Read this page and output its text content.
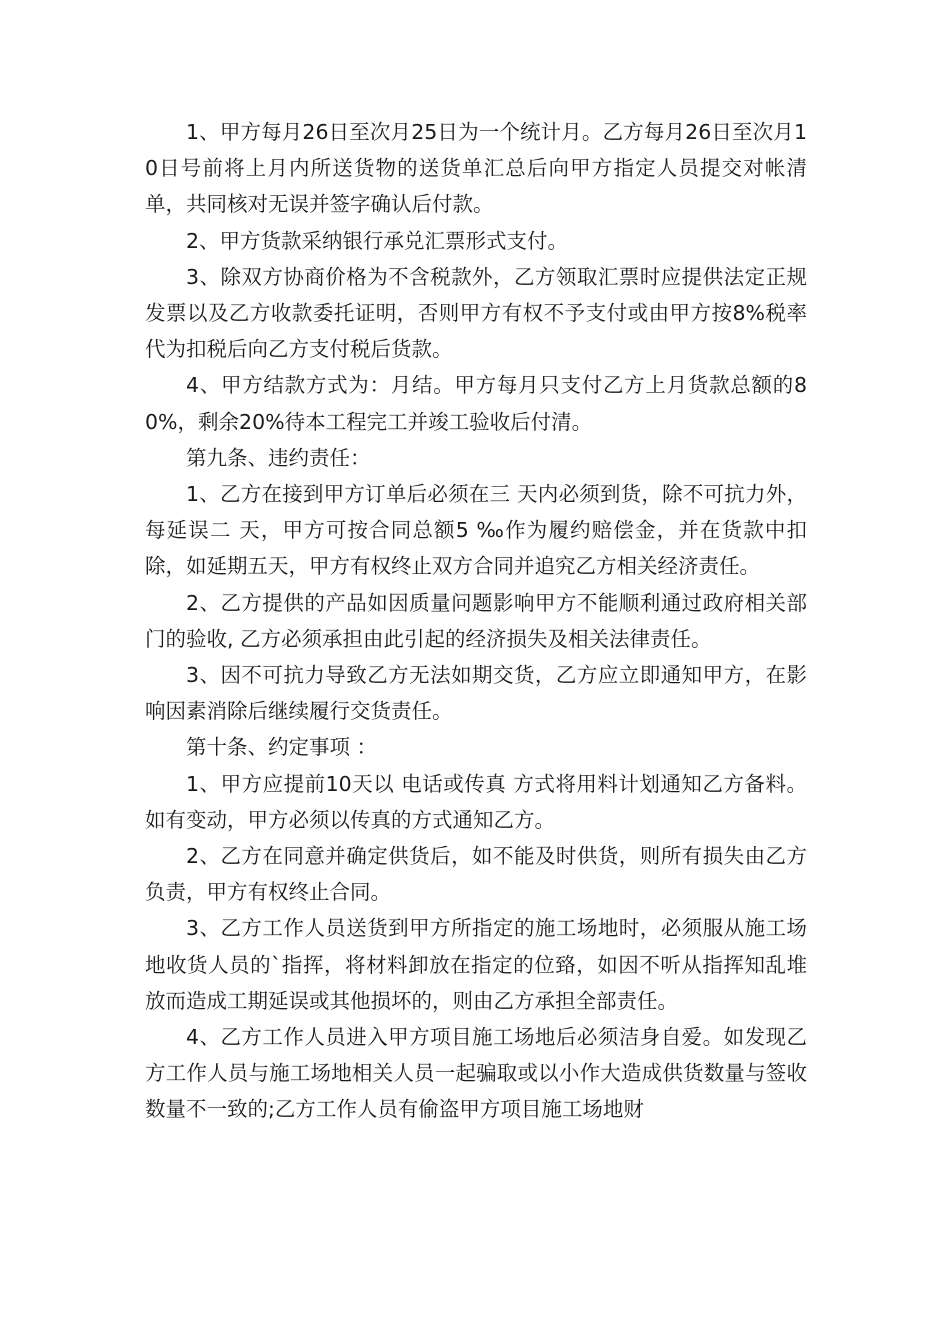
1、甲方每月26日至次月25日为一个统计月。乙方每月26日至次月10日号前将上月内所送货物的送货单汇总后向甲方指定人员提交对帐清单，共同核对无误并签字确认后付款。

2、甲方货款采纳银行承兑汇票形式支付。

3、除双方协商价格为不含税款外，乙方领取汇票时应提供法定正规发票以及乙方收款委托证明，否则甲方有权不予支付或由甲方按8%税率代为扣税后向乙方支付税后货款。

4、甲方结款方式为：月结。甲方每月只支付乙方上月货款总额的80%，剩余20%待本工程完工并竣工验收后付清。

第九条、违约责任：

1、乙方在接到甲方订单后必须在三 天内必须到货，除不可抗力外，每延误二 天，甲方可按合同总额5 ‰作为履约赔偿金，并在货款中扣除，如延期五天，甲方有权终止双方合同并追究乙方相关经济责任。

2、乙方提供的产品如因质量问题影响甲方不能顺利通过政府相关部门的验收, 乙方必须承担由此引起的经济损失及相关法律责任。

3、因不可抗力导致乙方无法如期交货，乙方应立即通知甲方，在影响因素消除后继续履行交货责任。

第十条、约定事项 ：

1、甲方应提前10天以 电话或传真 方式将用料计划通知乙方备料。如有变动，甲方必须以传真的方式通知乙方。

2、乙方在同意并确定供货后，如不能及时供货，则所有损失由乙方负责，甲方有权终止合同。

3、乙方工作人员送货到甲方所指定的施工场地时，必须服从施工场地收货人员的`指挥，将材料卸放在指定的位臵，如因不听从指挥知乱堆放而造成工期延误或其他损坏的，则由乙方承担全部责任。

4、乙方工作人员进入甲方项目施工场地后必须洁身自爱。如发现乙方工作人员与施工场地相关人员一起骗取或以小作大造成供货数量与签收数量不一致的;乙方工作人员有偷盗甲方项目施工场地财
